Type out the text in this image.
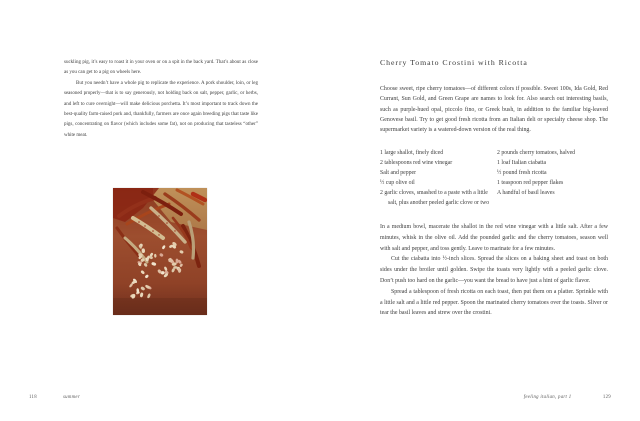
suckling pig, it’s easy to roast it in your oven or on a spit in the back yard. That’s about as close as you can get to a pig on wheels here.

But you needn’t have a whole pig to replicate the experience. A pork shoulder, loin, or leg seasoned properly—that is to say generously, not holding back on salt, pepper, garlic, or herbs, and left to cure overnight—will make delicious porchetta. It’s most important to track down the best-quality farm-raised pork and, thankfully, farmers are once again breeding pigs that taste like pigs, concentrating on flavor (which includes some fat), not on producing that tasteless “other” white meat.

118	summer
Cherry Tomato Crostini with Ricotta

Choose sweet, ripe cherry tomatoes—of different colors if possible. Sweet 100s, Ida Gold, Red Currant, Sun Gold, and Green Grape are names to look for. Also search out interesting basils, such as purple-hued opal, piccolo fino, or Greek bush, in addition to the familiar big-leaved Genovese basil. Try to get good fresh ricotta from an Italian deli or specialty cheese shop. The supermarket variety is a watered-down version of the real thing.

1 large shallot, finely diced
2 tablespoons red wine vinegar
Salt and pepper
½ cup olive oil
2 garlic cloves, smashed to a paste with a little salt, plus another peeled garlic clove or two
2 pounds cherry tomatoes, halved
1 loaf Italian ciabatta
½ pound fresh ricotta
1 teaspoon red pepper flakes
A handful of basil leaves

In a medium bowl, macerate the shallot in the red wine vinegar with a little salt. After a few minutes, whisk in the olive oil. Add the pounded garlic and the cherry tomatoes, season well with salt and pepper, and toss gently. Leave to marinate for a few minutes.

Cut the ciabatta into ½-inch slices. Spread the slices on a baking sheet and toast on both sides under the broiler until golden. Swipe the toasts very lightly with a peeled garlic clove. Don’t push too hard on the garlic—you want the bread to have just a hint of garlic flavor.

Spread a tablespoon of fresh ricotta on each toast, then put them on a platter. Sprinkle with a little salt and a little red pepper. Spoon the marinated cherry tomatoes over the toasts. Sliver or tear the basil leaves and strew over the crostini.

feeling italian, part 1	129
